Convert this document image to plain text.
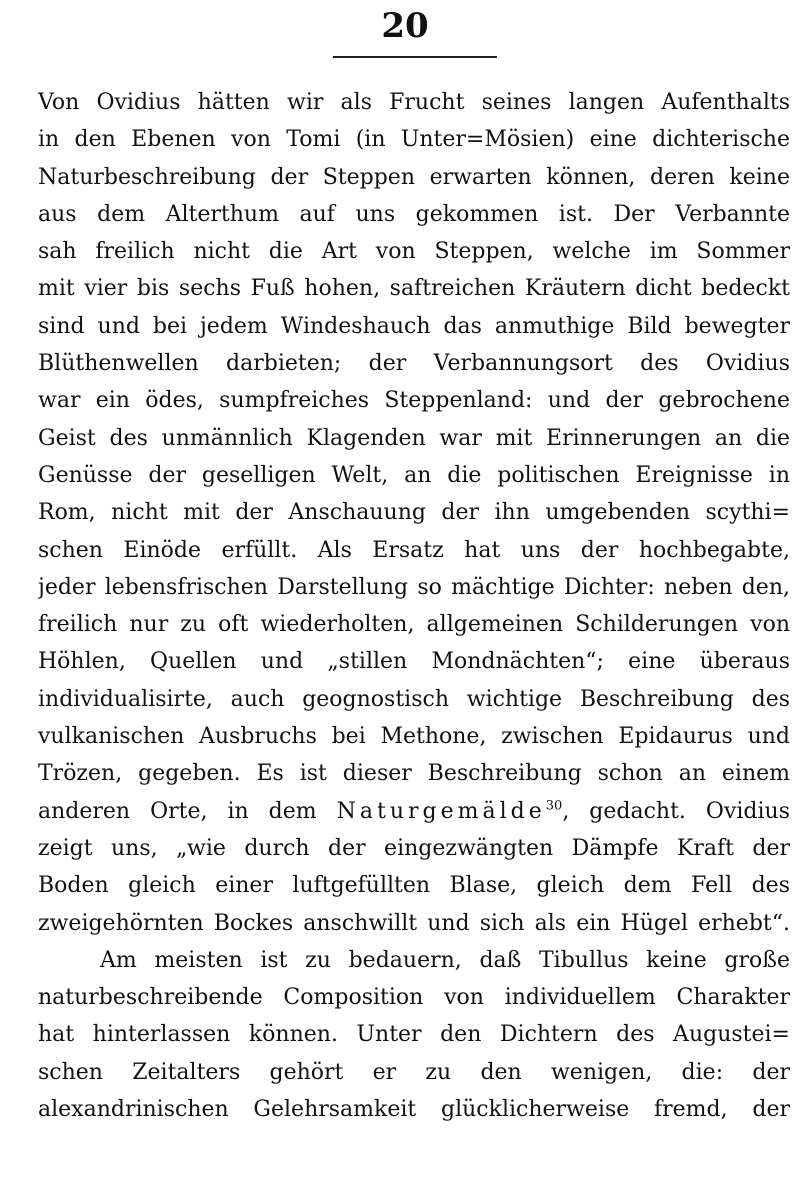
20
Von Ovidius hätten wir als Frucht seines langen Aufenthalts
in den Ebenen von Tomi (in Unter=Mösien) eine dichterische
Naturbeschreibung der Steppen erwarten können, deren keine
aus dem Alterthum auf uns gekommen ist. Der Verbannte
sah freilich nicht die Art von Steppen, welche im Sommer
mit vier bis sechs Fuß hohen, saftreichen Kräutern dicht bedeckt
sind und bei jedem Windeshauch das anmuthige Bild bewegter
Blüthenwellen darbieten; der Verbannungsort des Ovidius
war ein ödes, sumpfreiches Steppenland: und der gebrochene
Geist des unmännlich Klagenden war mit Erinnerungen an die
Genüsse der geselligen Welt, an die politischen Ereignisse in
Rom, nicht mit der Anschauung der ihn umgebenden scythi=
schen Einöde erfüllt. Als Ersatz hat uns der hochbegabte,
jeder lebensfrischen Darstellung so mächtige Dichter: neben den,
freilich nur zu oft wiederholten, allgemeinen Schilderungen von
Höhlen, Quellen und „stillen Mondnächten“; eine überaus
individualisirte, auch geognostisch wichtige Beschreibung des
vulkanischen Ausbruchs bei Methone, zwischen Epidaurus und
Trözen, gegeben. Es ist dieser Beschreibung schon an einem
anderen Orte, in dem Naturgemälde$^{30}$, gedacht. Ovidius
zeigt uns, „wie durch der eingezwängten Dämpfe Kraft der
Boden gleich einer luftgefüllten Blase, gleich dem Fell des
zweigehörnten Bockes anschwillt und sich als ein Hügel erhebt“.
Am meisten ist zu bedauern, daß Tibullus keine große
naturbeschreibende Composition von individuellem Charakter
hat hinterlassen können. Unter den Dichtern des Augustei=
schen Zeitalters gehört er zu den wenigen, die: der
alexandrinischen Gelehrsamkeit glücklicherweise fremd, der
